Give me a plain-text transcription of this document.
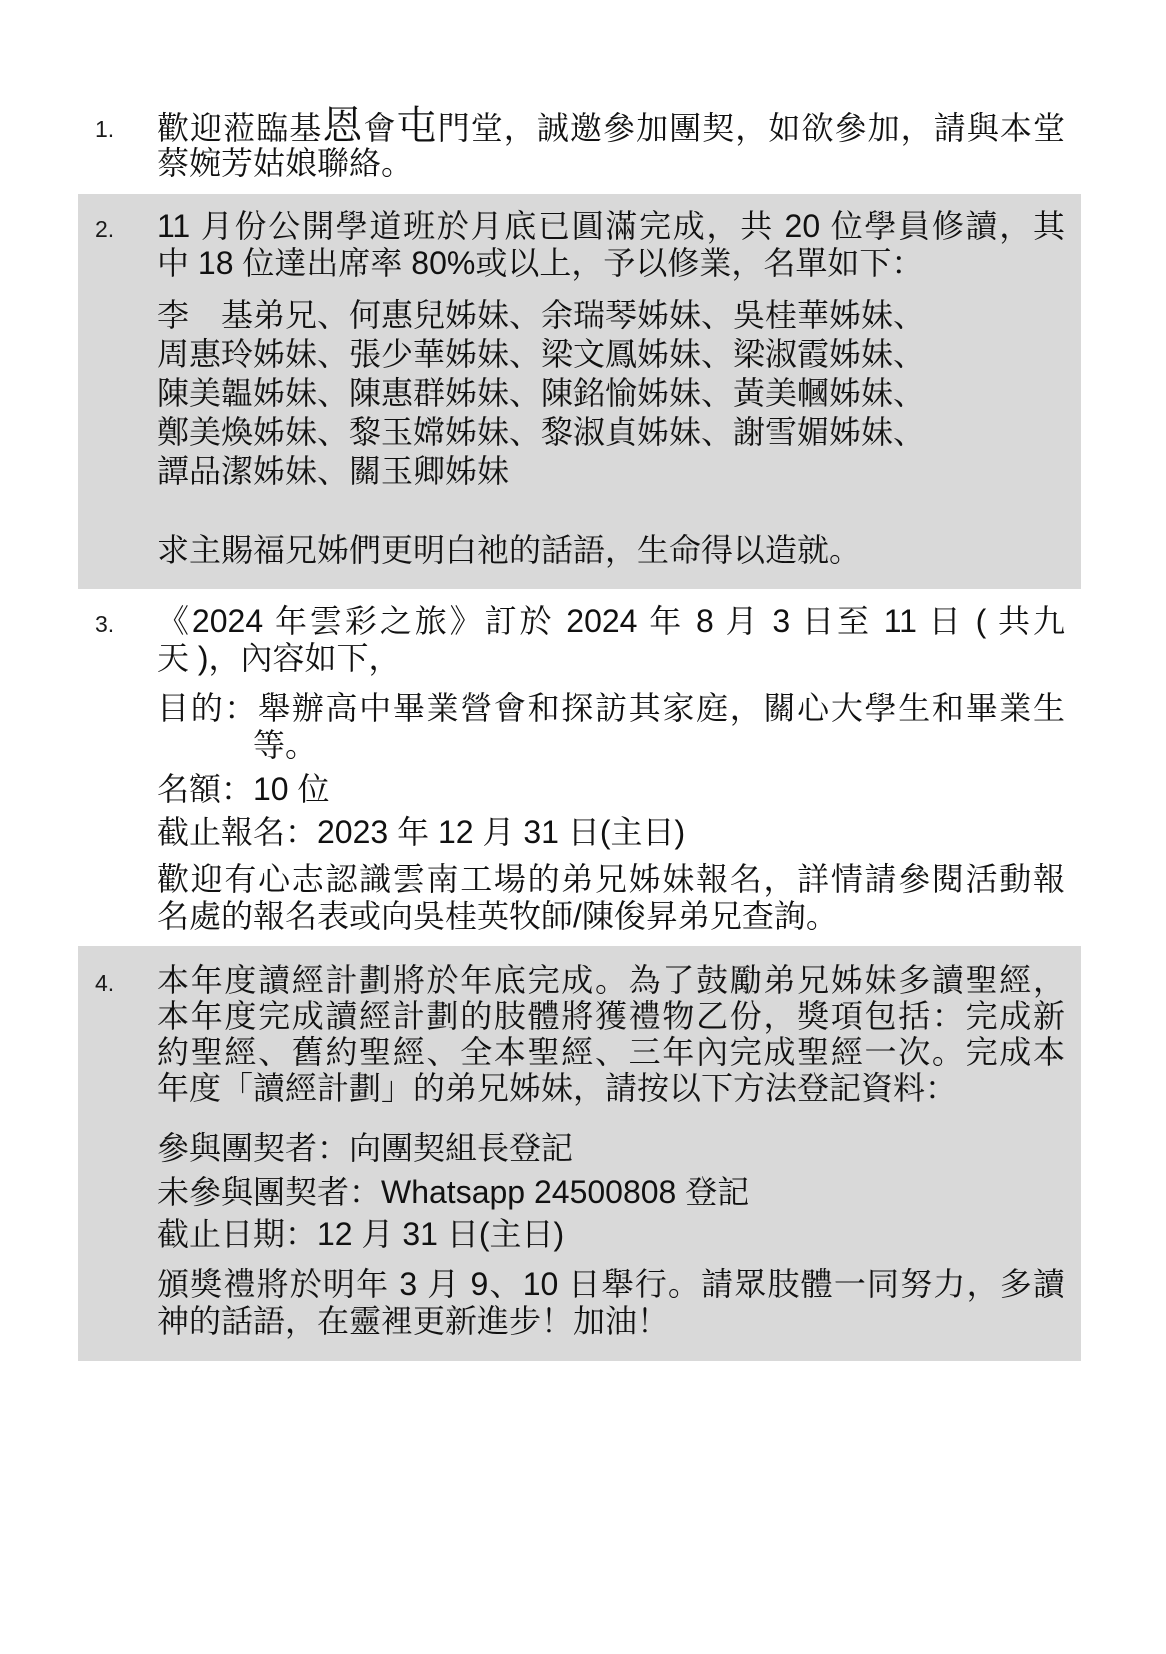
1. 歡迎蒞臨基恩會屯門堂，誠邀參加團契，如欲參加，請與本堂
蔡婉芳姑娘聯絡。
2. 11 月份公開學道班於月底已圓滿完成，共 20 位學員修讀，其
中 18 位達出席率 80%或以上，予以修業，名單如下：
李　基弟兄、何惠兒姊妹、余瑞琴姊妹、吳桂華姊妹、
周惠玲姊妹、張少華姊妹、梁文鳳姊妹、梁淑霞姊妹、
陳美韞姊妹、陳惠群姊妹、陳銘愉姊妹、黃美幗姊妹、
鄭美煥姊妹、黎玉嫦姊妹、黎淑貞姊妹、謝雪媚姊妹、
譚品潔姊妹、關玉卿姊妹
求主賜福兄姊們更明白祂的話語，生命得以造就。
3. 《2024 年雲彩之旅》訂於 2024 年 8 月 3 日至 11 日 ( 共九
天 )，內容如下，
目的：舉辦高中畢業營會和探訪其家庭，關心大學生和畢業生
等。
名額：10 位
截止報名：2023 年 12 月 31 日(主日)
歡迎有心志認識雲南工場的弟兄姊妹報名，詳情請參閱活動報
名處的報名表或向吳桂英牧師/陳俊昇弟兄查詢。
4. 本年度讀經計劃將於年底完成。為了鼓勵弟兄姊妹多讀聖經，
本年度完成讀經計劃的肢體將獲禮物乙份，獎項包括：完成新
約聖經、舊約聖經、全本聖經、三年內完成聖經一次。完成本
年度「讀經計劃」的弟兄姊妹，請按以下方法登記資料：
參與團契者：向團契組長登記
未參與團契者：Whatsapp 24500808 登記
截止日期：12 月 31 日(主日)
頒獎禮將於明年 3 月 9、10 日舉行。請眾肢體一同努力，多讀
神的話語，在靈裡更新進步！加油！
